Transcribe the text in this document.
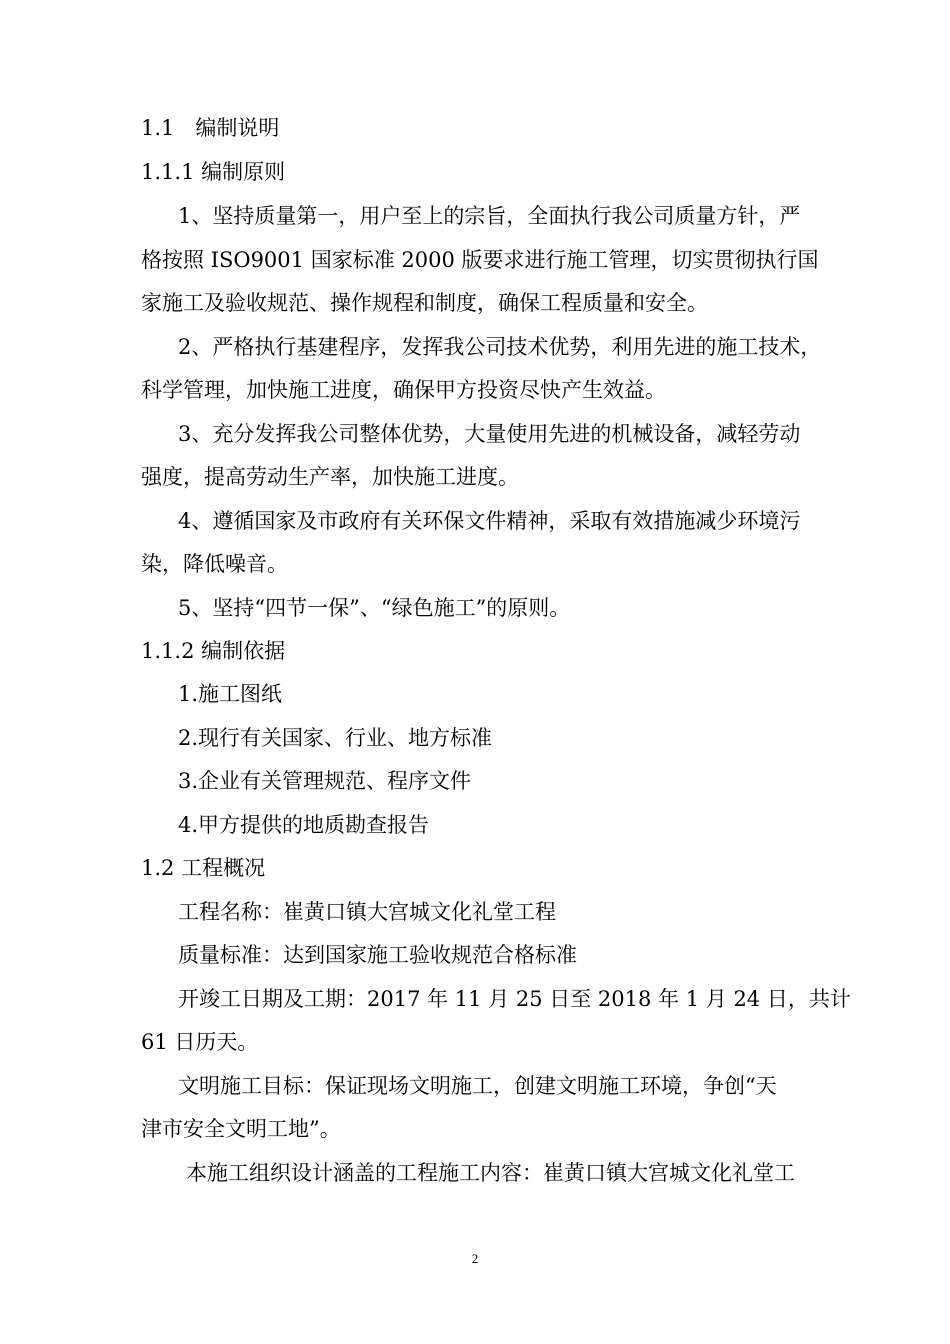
1.1　编制说明
1.1.1 编制原则
1、坚持质量第一，用户至上的宗旨，全面执行我公司质量方针，严
格按照 ISO9001 国家标准 2000 版要求进行施工管理，切实贯彻执行国
家施工及验收规范、操作规程和制度，确保工程质量和安全。
2、严格执行基建程序，发挥我公司技术优势，利用先进的施工技术，
科学管理，加快施工进度，确保甲方投资尽快产生效益。
3、充分发挥我公司整体优势，大量使用先进的机械设备，减轻劳动
强度，提高劳动生产率，加快施工进度。
4、遵循国家及市政府有关环保文件精神，采取有效措施减少环境污
染，降低噪音。
5、坚持“四节一保”、“绿色施工”的原则。
1.1.2 编制依据
1.施工图纸
2.现行有关国家、行业、地方标准
3.企业有关管理规范、程序文件
4.甲方提供的地质勘查报告
1.2 工程概况
工程名称：崔黄口镇大宫城文化礼堂工程
质量标准：达到国家施工验收规范合格标准
开竣工日期及工期：2017 年 11 月 25 日至 2018 年 1 月 24 日，共计
61 日历天。
文明施工目标：保证现场文明施工，创建文明施工环境，争创“天
津市安全文明工地”。
本施工组织设计涵盖的工程施工内容：崔黄口镇大宫城文化礼堂工
2
